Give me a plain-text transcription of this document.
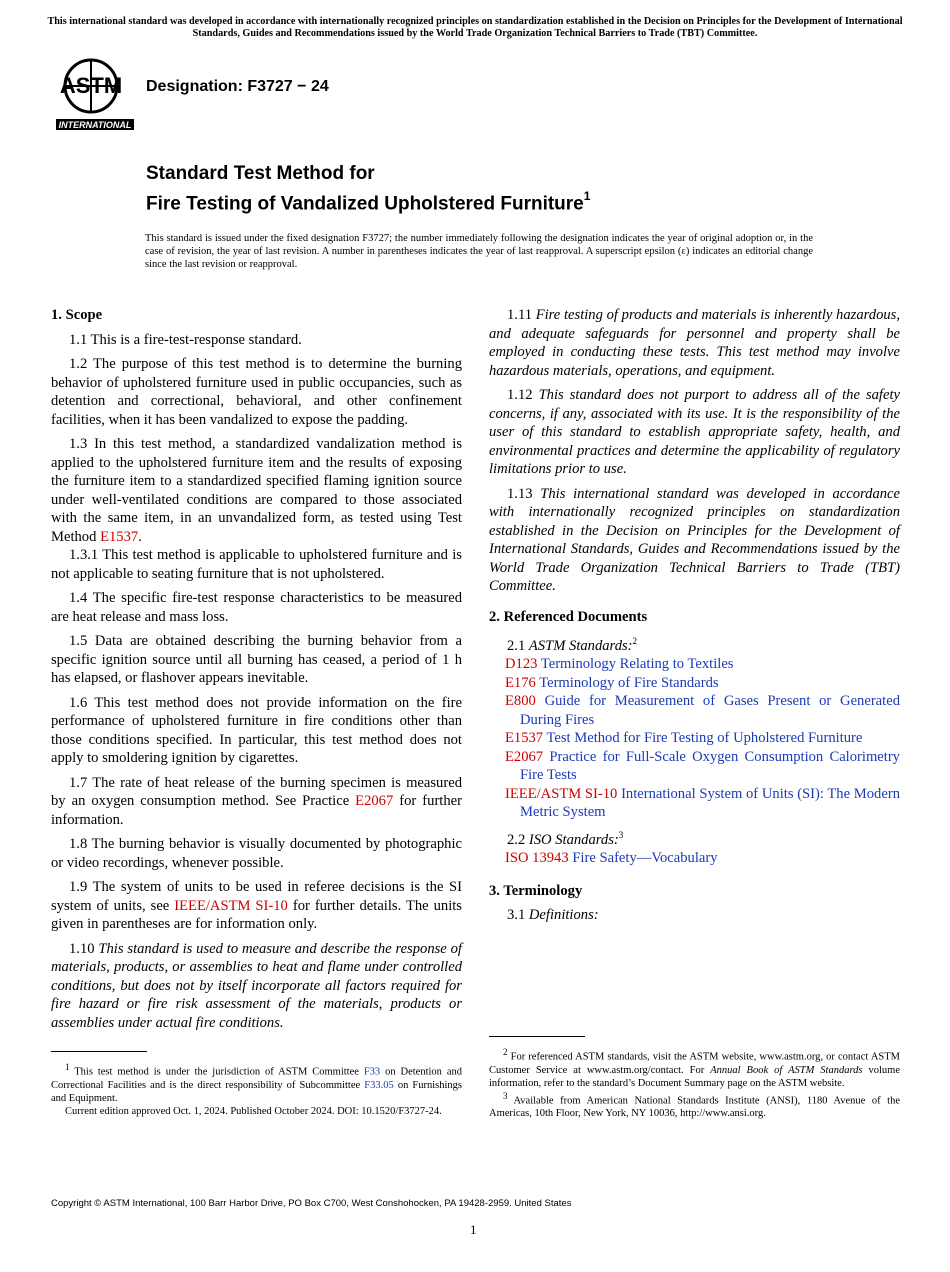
This international standard was developed in accordance with internationally recognized principles on standardization established in the Decision on Principles for the Development of International Standards, Guides and Recommendations issued by the World Trade Organization Technical Barriers to Trade (TBT) Committee.
ASTM
INTERNATIONAL
Designation: F3727 − 24
Standard Test Method for
Fire Testing of Vandalized Upholstered Furniture$^1$
This standard is issued under the fixed designation F3727; the number immediately following the designation indicates the year of original adoption or, in the case of revision, the year of last revision. A number in parentheses indicates the year of last reapproval. A superscript epsilon (ε) indicates an editorial change since the last revision or reapproval.

1. Scope

1.1 This is a fire-test-response standard.

1.2 The purpose of this test method is to determine the burning behavior of upholstered furniture used in public occupancies, such as detention and correctional, behavioral, and other confinement facilities, when it has been vandalized to expose the padding.

1.3 In this test method, a standardized vandalization method is applied to the upholstered furniture item and the results of exposing the furniture item to a standardized specified flaming ignition source under well-ventilated conditions are compared to those associated with the same item, in an unvandalized form, as tested using Test Method E1537.

1.3.1 This test method is applicable to upholstered furniture and is not applicable to seating furniture that is not upholstered.

1.4 The specific fire-test response characteristics to be measured are heat release and mass loss.

1.5 Data are obtained describing the burning behavior from a specific ignition source until all burning has ceased, a period of 1 h has elapsed, or flashover appears inevitable.

1.6 This test method does not provide information on the fire performance of upholstered furniture in fire conditions other than those conditions specified. In particular, this test method does not apply to smoldering ignition by cigarettes.

1.7 The rate of heat release of the burning specimen is measured by an oxygen consumption method. See Practice E2067 for further information.

1.8 The burning behavior is visually documented by photographic or video recordings, whenever possible.

1.9 The system of units to be used in referee decisions is the SI system of units, see IEEE/ASTM SI-10 for further details. The units given in parentheses are for information only.

1.10 This standard is used to measure and describe the response of materials, products, or assemblies to heat and flame under controlled conditions, but does not by itself incorporate all factors required for fire hazard or fire risk assessment of the materials, products or assemblies under actual fire conditions.

1.11 Fire testing of products and materials is inherently hazardous, and adequate safeguards for personnel and property shall be employed in conducting these tests. This test method may involve hazardous materials, operations, and equipment.

1.12 This standard does not purport to address all of the safety concerns, if any, associated with its use. It is the responsibility of the user of this standard to establish appropriate safety, health, and environmental practices and determine the applicability of regulatory limitations prior to use.

1.13 This international standard was developed in accordance with internationally recognized principles on standardization established in the Decision on Principles for the Development of International Standards, Guides and Recommendations issued by the World Trade Organization Technical Barriers to Trade (TBT) Committee.

2. Referenced Documents

2.1 ASTM Standards:$^2$

D123 Terminology Relating to Textiles

E176 Terminology of Fire Standards

E800 Guide for Measurement of Gases Present or Generated During Fires

E1537 Test Method for Fire Testing of Upholstered Furniture

E2067 Practice for Full-Scale Oxygen Consumption Calorimetry Fire Tests

IEEE/ASTM SI-10 International System of Units (SI): The Modern Metric System

2.2 ISO Standards:$^3$

ISO 13943 Fire Safety—Vocabulary

3. Terminology

3.1 Definitions:

$^1$ This test method is under the jurisdiction of ASTM Committee F33 on Detention and Correctional Facilities and is the direct responsibility of Subcommittee F33.05 on Furnishings and Equipment.

Current edition approved Oct. 1, 2024. Published October 2024. DOI: 10.1520/F3727-24.

$^2$ For referenced ASTM standards, visit the ASTM website, www.astm.org, or contact ASTM Customer Service at www.astm.org/contact. For Annual Book of ASTM Standards volume information, refer to the standard’s Document Summary page on the ASTM website.

$^3$ Available from American National Standards Institute (ANSI), 1180 Avenue of the Americas, 10th Floor, New York, NY 10036, http://www.ansi.org.

Copyright © ASTM International, 100 Barr Harbor Drive, PO Box C700, West Conshohocken, PA 19428-2959. United States
1
